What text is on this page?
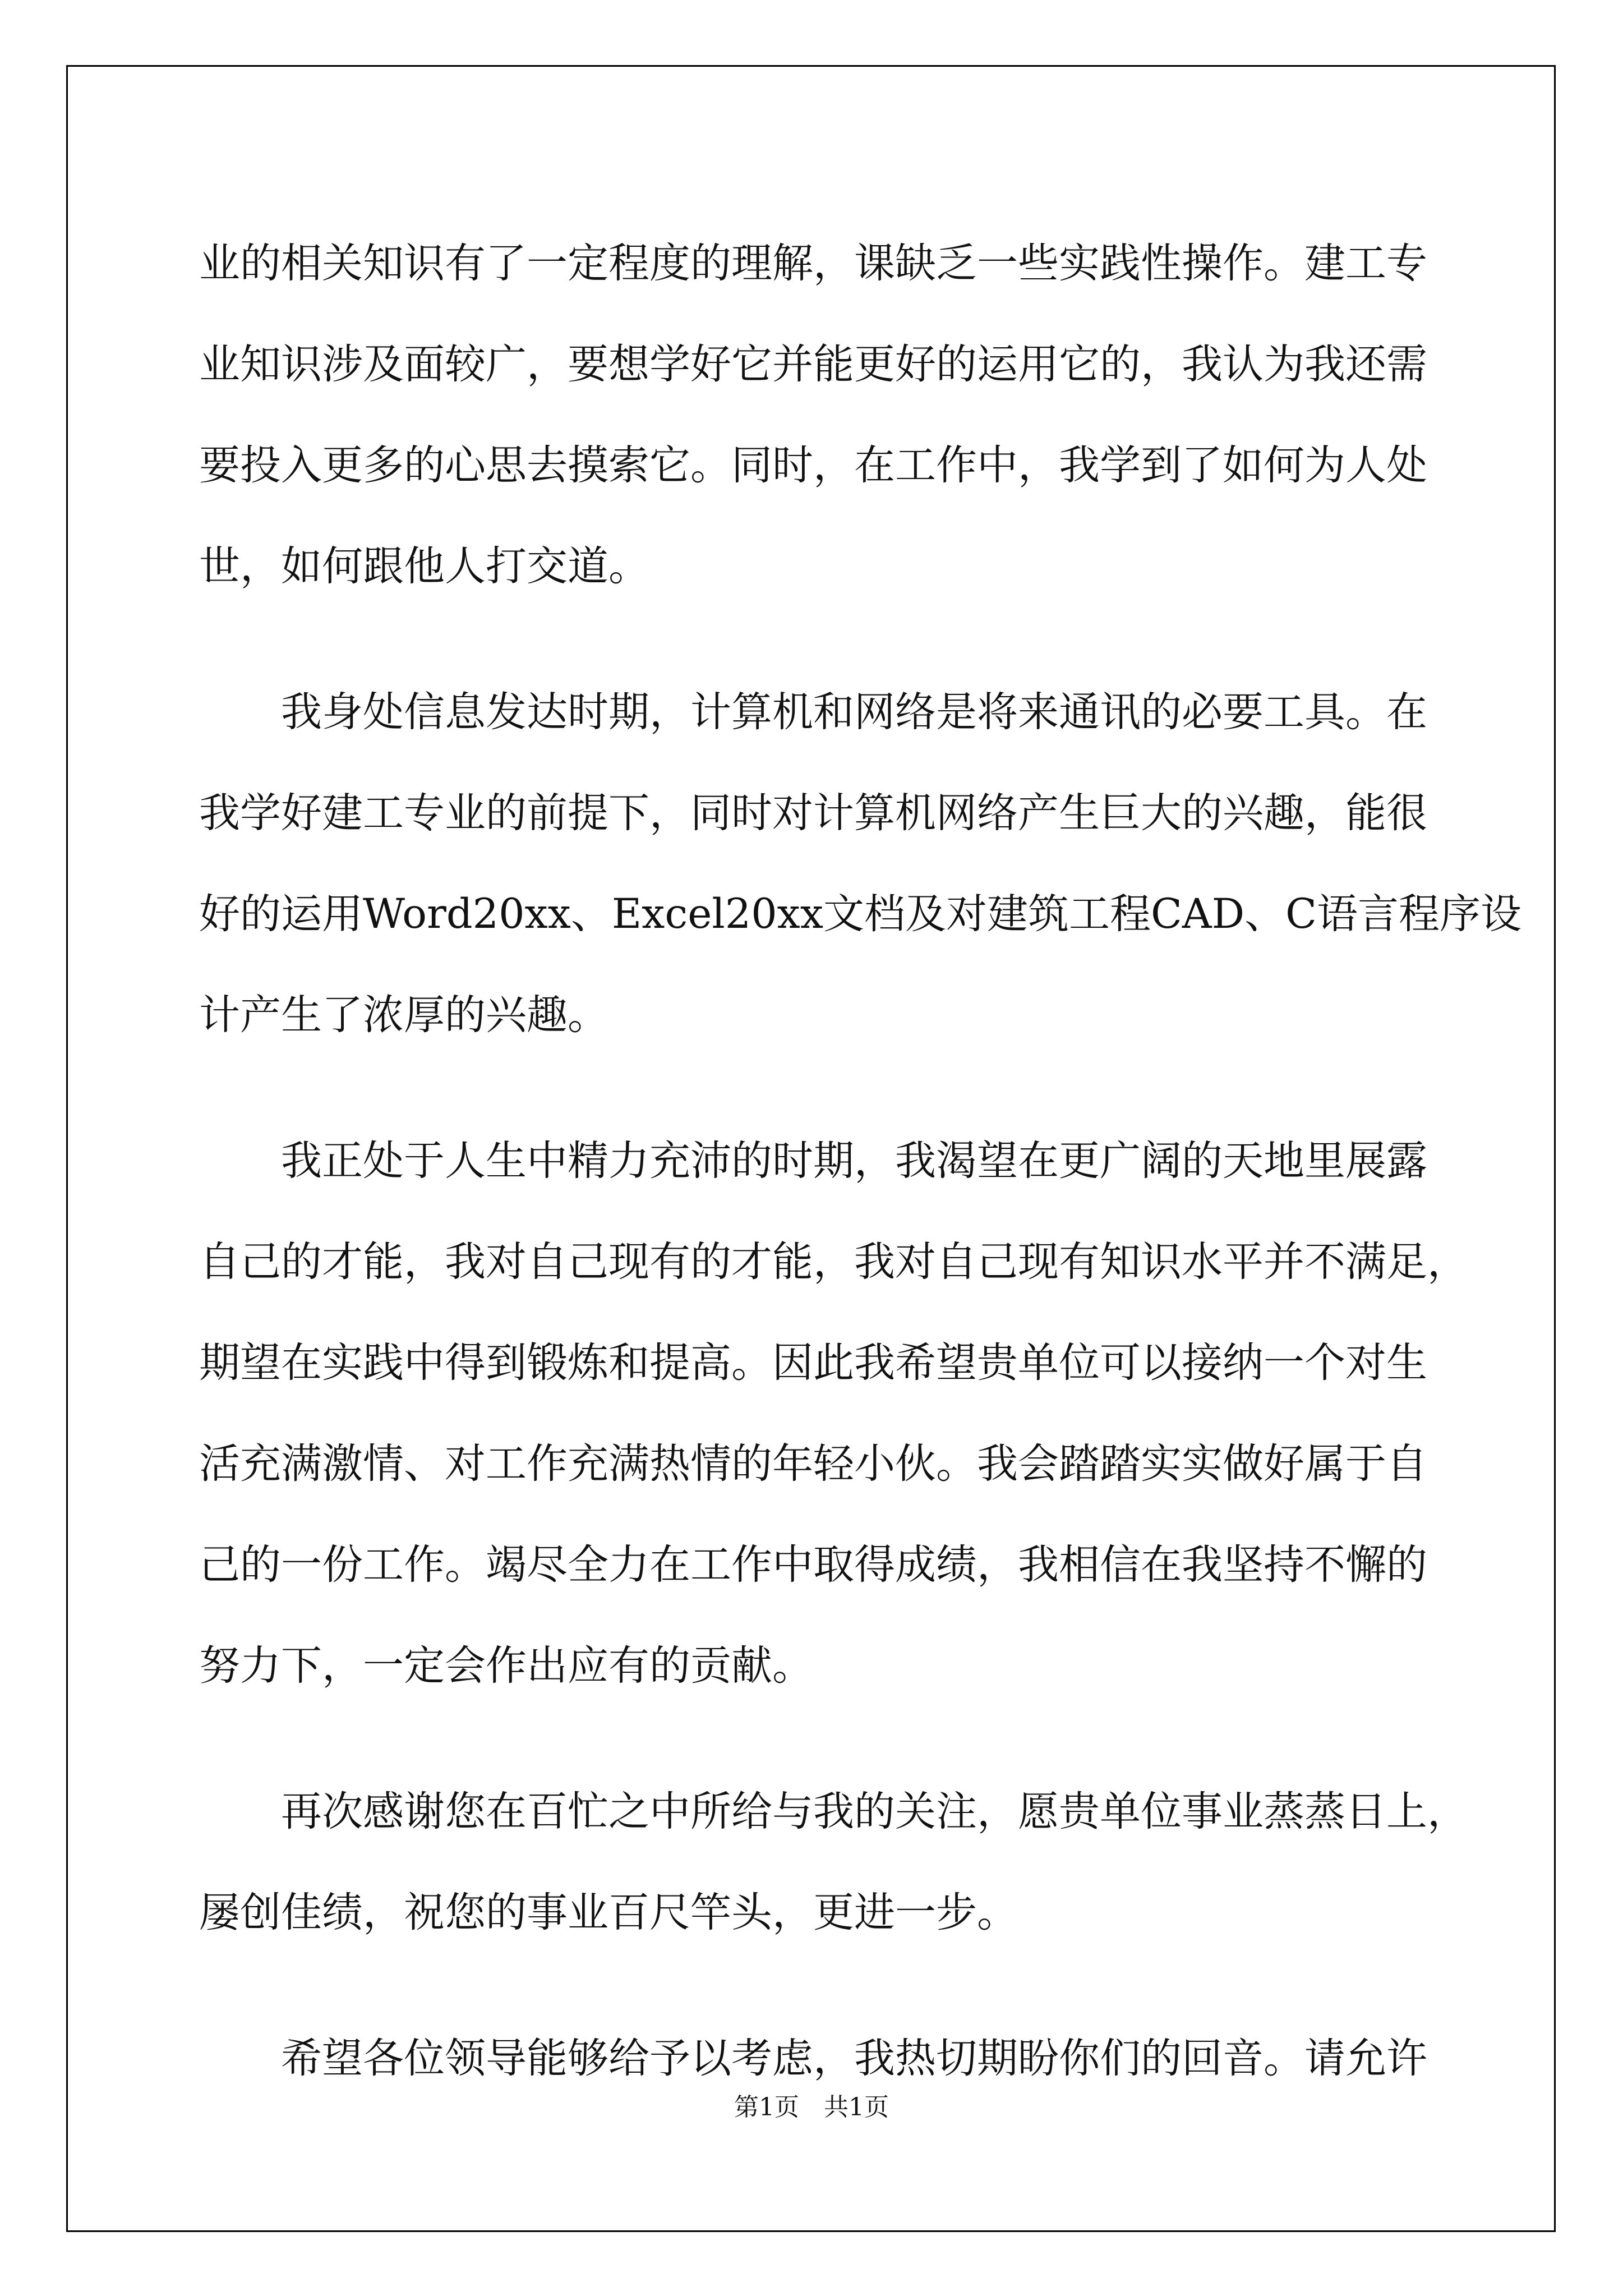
业的相关知识有了一定程度的理解，课缺乏一些实践性操作。建工专
业知识涉及面较广，要想学好它并能更好的运用它的，我认为我还需
要投入更多的心思去摸索它。同时，在工作中，我学到了如何为人处
世，如何跟他人打交道。
我身处信息发达时期，计算机和网络是将来通讯的必要工具。在
我学好建工专业的前提下，同时对计算机网络产生巨大的兴趣，能很
好的运用Word20xx、Excel20xx文档及对建筑工程CAD、C语言程序设
计产生了浓厚的兴趣。
我正处于人生中精力充沛的时期，我渴望在更广阔的天地里展露
自己的才能，我对自己现有的才能，我对自己现有知识水平并不满足，
期望在实践中得到锻炼和提高。因此我希望贵单位可以接纳一个对生
活充满激情、对工作充满热情的年轻小伙。我会踏踏实实做好属于自
己的一份工作。竭尽全力在工作中取得成绩，我相信在我坚持不懈的
努力下，一定会作出应有的贡献。
再次感谢您在百忙之中所给与我的关注，愿贵单位事业蒸蒸日上，
屡创佳绩，祝您的事业百尺竿头，更进一步。
希望各位领导能够给予以考虑，我热切期盼你们的回音。请允许
第1页　共1页
